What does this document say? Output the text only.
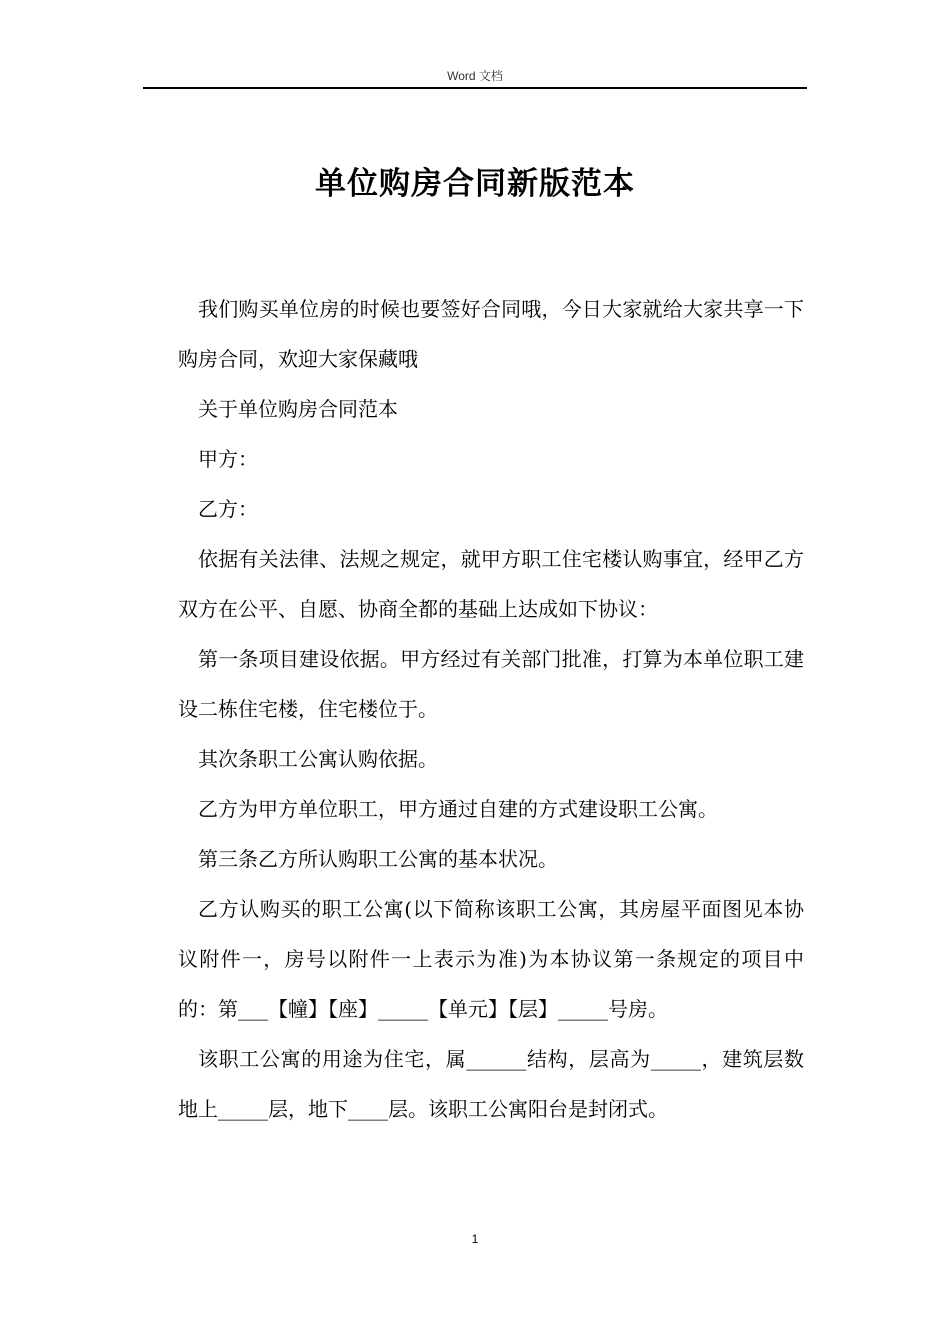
Word 文档
单位购房合同新版范本

我们购买单位房的时候也要签好合同哦，今日大家就给大家共享一下购房合同，欢迎大家保藏哦

关于单位购房合同范本

甲方：

乙方：

依据有关法律、法规之规定，就甲方职工住宅楼认购事宜，经甲乙方双方在公平、自愿、协商全都的基础上达成如下协议：

第一条项目建设依据。甲方经过有关部门批准，打算为本单位职工建设二栋住宅楼，住宅楼位于。

其次条职工公寓认购依据。

乙方为甲方单位职工，甲方通过自建的方式建设职工公寓。

第三条乙方所认购职工公寓的基本状况。

乙方认购买的职工公寓(以下简称该职工公寓，其房屋平面图见本协议附件一，房号以附件一上表示为准)为本协议第一条规定的项目中的：第___【幢】【座】_____【单元】【层】_____号房。

该职工公寓的用途为住宅，属______结构，层高为_____，建筑层数地上_____层，地下____层。该职工公寓阳台是封闭式。

1
